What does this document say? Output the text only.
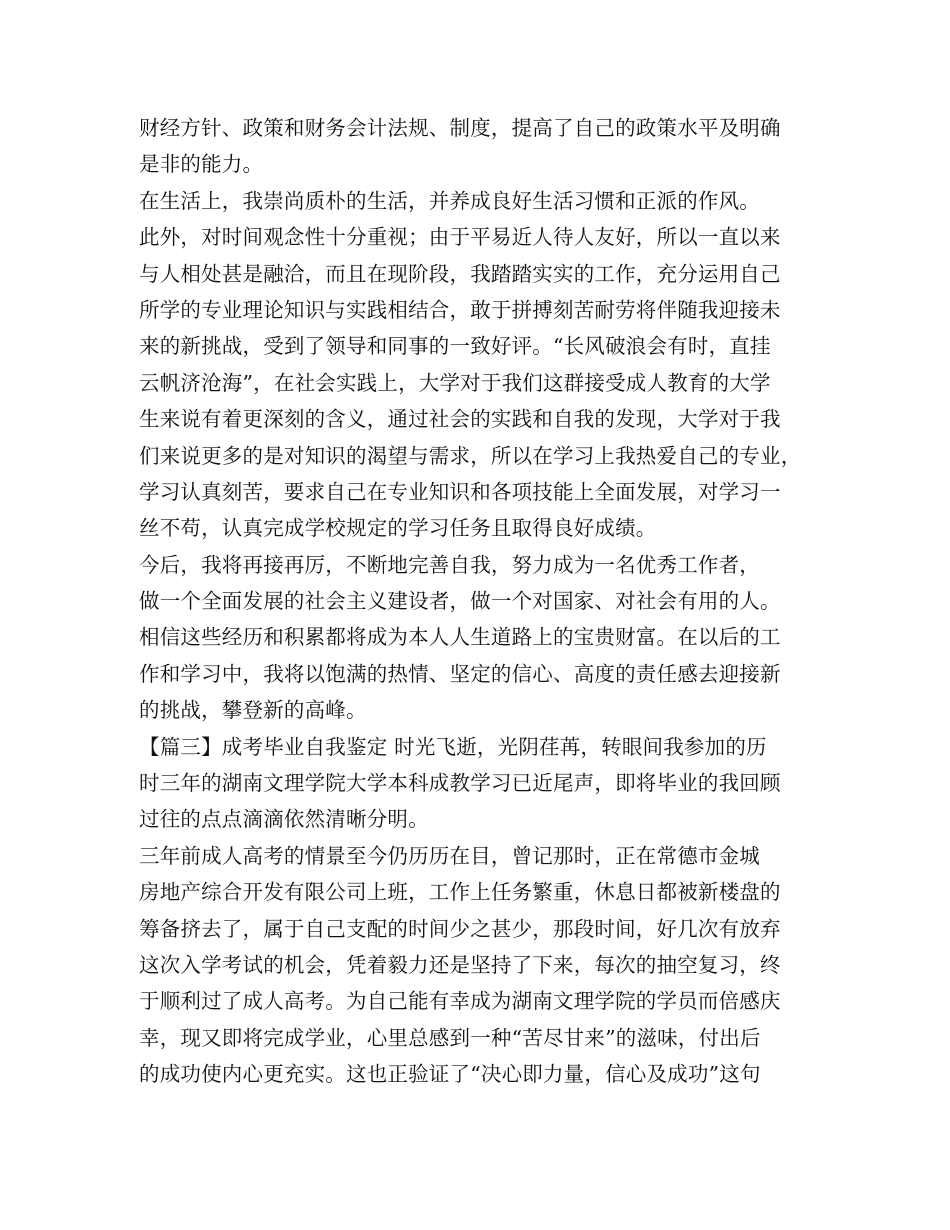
财经方针、政策和财务会计法规、制度，提高了自己的政策水平及明确
是非的能力。
在生活上，我崇尚质朴的生活，并养成良好生活习惯和正派的作风。
此外，对时间观念性十分重视；由于平易近人待人友好，所以一直以来
与人相处甚是融洽，而且在现阶段，我踏踏实实的工作，充分运用自己
所学的专业理论知识与实践相结合，敢于拼搏刻苦耐劳将伴随我迎接未
来的新挑战，受到了领导和同事的一致好评。“长风破浪会有时，直挂
云帆济沧海”，在社会实践上，大学对于我们这群接受成人教育的大学
生来说有着更深刻的含义，通过社会的实践和自我的发现，大学对于我
们来说更多的是对知识的渴望与需求，所以在学习上我热爱自己的专业，
学习认真刻苦，要求自己在专业知识和各项技能上全面发展，对学习一
丝不苟，认真完成学校规定的学习任务且取得良好成绩。
今后，我将再接再厉，不断地完善自我，努力成为一名优秀工作者，
做一个全面发展的社会主义建设者，做一个对国家、对社会有用的人。
相信这些经历和积累都将成为本人人生道路上的宝贵财富。在以后的工
作和学习中，我将以饱满的热情、坚定的信心、高度的责任感去迎接新
的挑战，攀登新的高峰。
【篇三】成考毕业自我鉴定 时光飞逝，光阴荏苒，转眼间我参加的历
时三年的湖南文理学院大学本科成教学习已近尾声，即将毕业的我回顾
过往的点点滴滴依然清晰分明。
三年前成人高考的情景至今仍历历在目，曾记那时，正在常德市金城
房地产综合开发有限公司上班，工作上任务繁重，休息日都被新楼盘的
筹备挤去了，属于自己支配的时间少之甚少，那段时间，好几次有放弃
这次入学考试的机会，凭着毅力还是坚持了下来，每次的抽空复习，终
于顺利过了成人高考。为自己能有幸成为湖南文理学院的学员而倍感庆
幸，现又即将完成学业，心里总感到一种“苦尽甘来”的滋味，付出后
的成功使内心更充实。这也正验证了“决心即力量，信心及成功”这句
